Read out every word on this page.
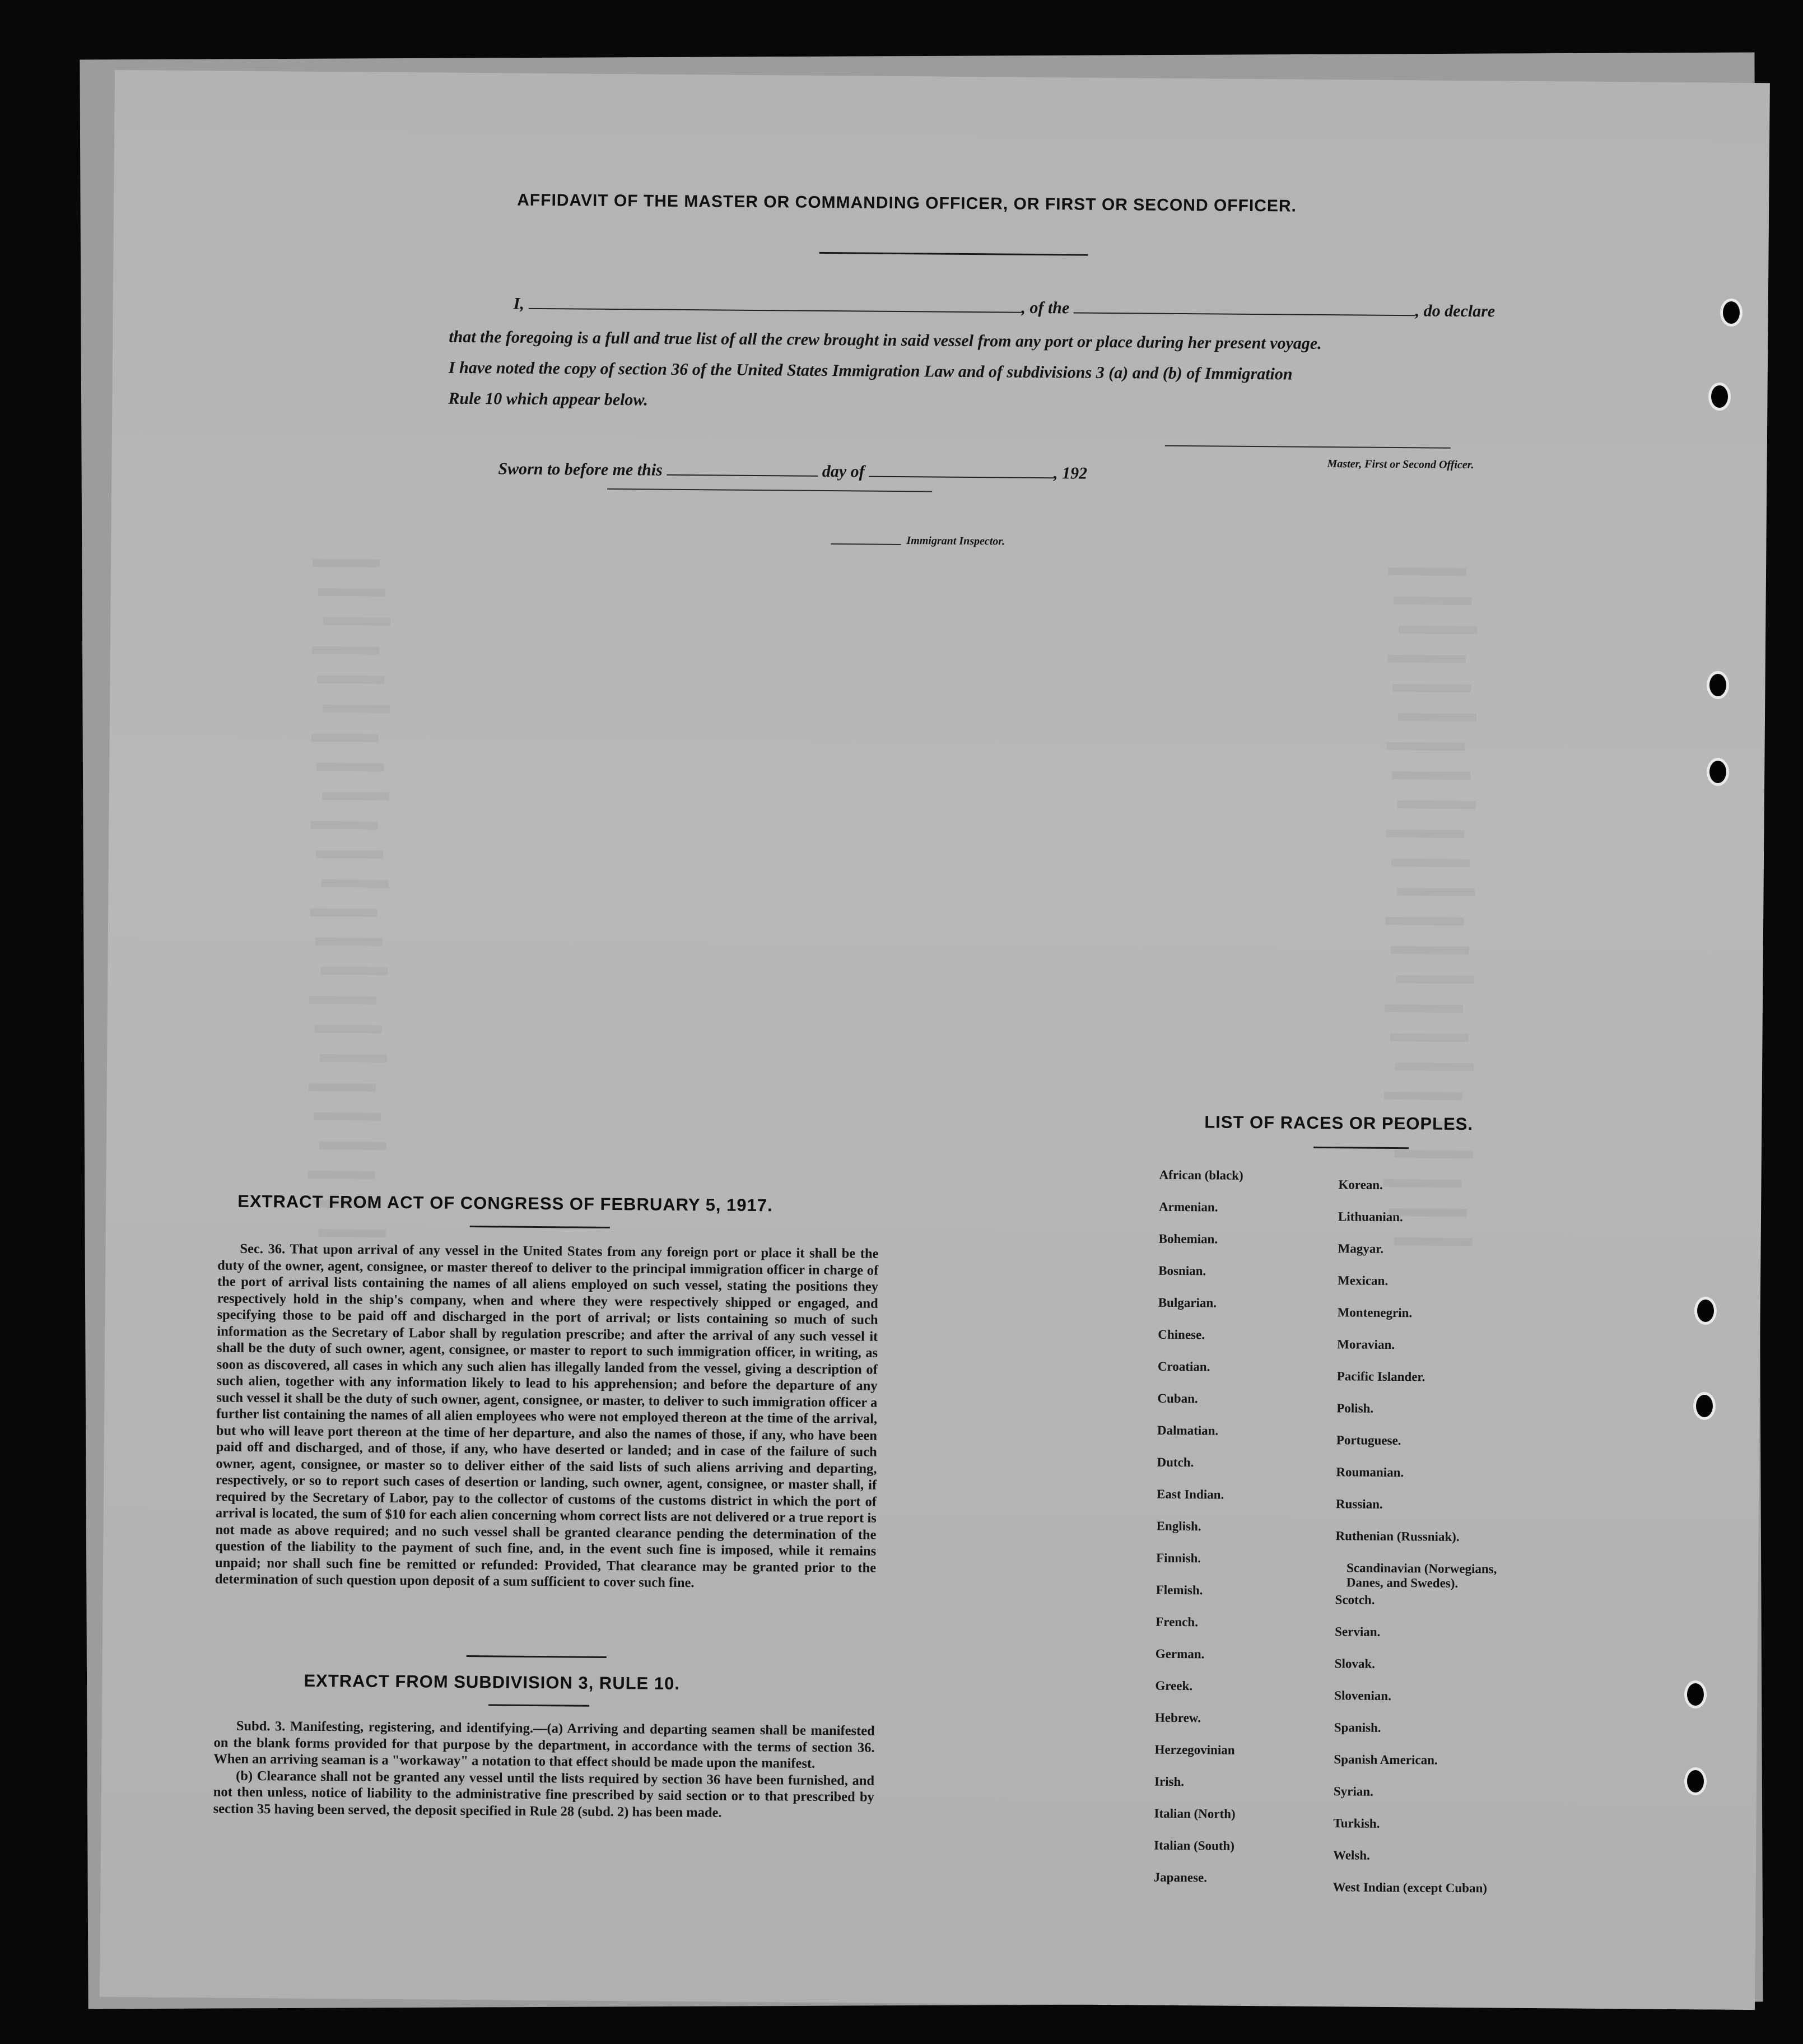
AFFIDAVIT OF THE MASTER OR COMMANDING OFFICER, OR FIRST OR SECOND OFFICER.
I,	, of the	, do declare
that the foregoing is a full and true list of all the crew brought in said vessel from any port or place during her present voyage.
I have noted the copy of section 36 of the United States Immigration Law and of subdivisions 3 (a) and (b) of Immigration
Rule 10 which appear below.
Sworn to before me this	day of	, 192	Master, First or Second Officer.
Immigrant Inspector.
EXTRACT FROM ACT OF CONGRESS OF FEBRUARY 5, 1917.

Sec. 36. That upon arrival of any vessel in the United States from any foreign port or place it shall be the duty of the owner, agent, consignee, or master thereof to deliver to the principal immigration officer in charge of the port of arrival lists containing the names of all aliens employed on such vessel, stating the positions they respectively hold in the ship's company, when and where they were respectively shipped or engaged, and specifying those to be paid off and discharged in the port of arrival; or lists containing so much of such information as the Secretary of Labor shall by regulation prescribe; and after the arrival of any such vessel it shall be the duty of such owner, agent, consignee, or master to report to such immigration officer, in writing, as soon as discovered, all cases in which any such alien has illegally landed from the vessel, giving a description of such alien, together with any information likely to lead to his apprehension; and before the departure of any such vessel it shall be the duty of such owner, agent, consignee, or master, to deliver to such immigration officer a further list containing the names of all alien employees who were not employed thereon at the time of the arrival, but who will leave port thereon at the time of her departure, and also the names of those, if any, who have been paid off and discharged, and of those, if any, who have deserted or landed; and in case of the failure of such owner, agent, consignee, or master so to deliver either of the said lists of such aliens arriving and departing, respectively, or so to report such cases of desertion or landing, such owner, agent, consignee, or master shall, if required by the Secretary of Labor, pay to the collector of customs of the customs district in which the port of arrival is located, the sum of $10 for each alien concerning whom correct lists are not delivered or a true report is not made as above required; and no such vessel shall be granted clearance pending the determination of the question of the liability to the payment of such fine, and, in the event such fine is imposed, while it remains unpaid; nor shall such fine be remitted or refunded: Provided, That clearance may be granted prior to the determination of such question upon deposit of a sum sufficient to cover such fine.

EXTRACT FROM SUBDIVISION 3, RULE 10.

Subd. 3. Manifesting, registering, and identifying.—(a) Arriving and departing seamen shall be manifested on the blank forms provided for that purpose by the department, in accordance with the terms of section 36. When an arriving seaman is a "workaway" a notation to that effect should be made upon the manifest.

(b) Clearance shall not be granted any vessel until the lists required by section 36 have been furnished, and not then unless, notice of liability to the administrative fine prescribed by said section or to that prescribed by section 35 having been served, the deposit specified in Rule 28 (subd. 2) has been made.

LIST OF RACES OR PEOPLES.
African (black)
Armenian.
Bohemian.
Bosnian.
Bulgarian.
Chinese.
Croatian.
Cuban.
Dalmatian.
Dutch.
East Indian.
English.
Finnish.
Flemish.
French.
German.
Greek.
Hebrew.
Herzegovinian
Irish.
Italian (North)
Italian (South)
Japanese.
Korean.
Lithuanian.
Magyar.
Mexican.
Montenegrin.
Moravian.
Pacific Islander.
Polish.
Portuguese.
Roumanian.
Russian.
Ruthenian (Russniak).
Scandinavian (Norwegians, Danes, and Swedes).
Scotch.
Servian.
Slovak.
Slovenian.
Spanish.
Spanish American.
Syrian.
Turkish.
Welsh.
West Indian (except Cuban)
